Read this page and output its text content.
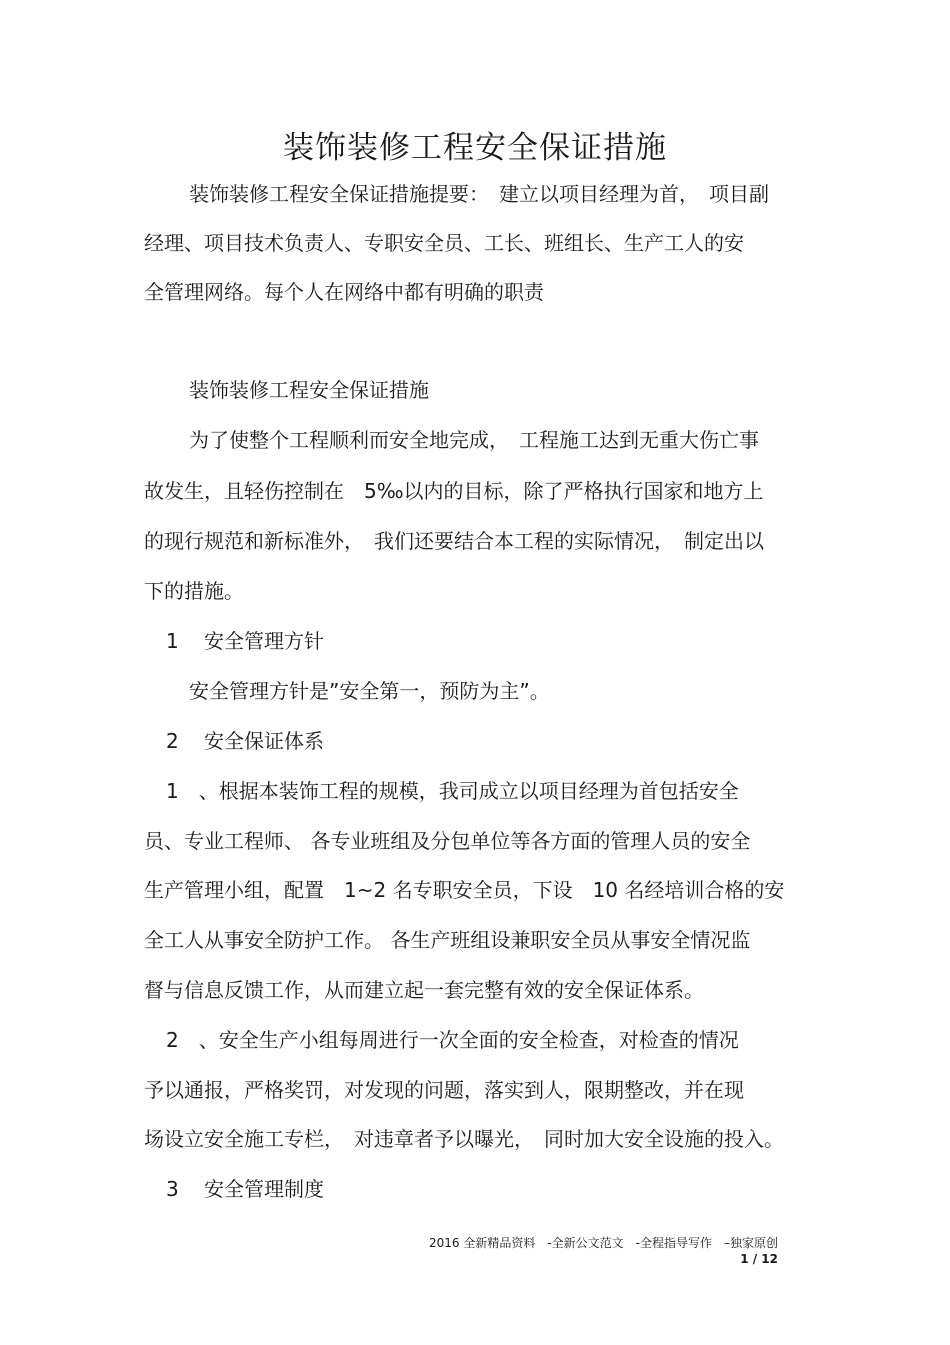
装饰装修工程安全保证措施
装饰装修工程安全保证措施提要：　建立以项目经理为首，　项目副
经理、项目技术负责人、专职安全员、工长、班组长、生产工人的安
全管理网络。每个人在网络中都有明确的职责
装饰装修工程安全保证措施
为了使整个工程顺利而安全地完成，　工程施工达到无重大伤亡事
故发生，且轻伤控制在　5‰以内的目标，除了严格执行国家和地方上
的现行规范和新标准外，　我们还要结合本工程的实际情况，　制定出以
下的措施。
1 安全管理方针
安全管理方针是”安全第一，预防为主”。
2 安全保证体系
1　、根据本装饰工程的规模，我司成立以项目经理为首包括安全
员、专业工程师、 各专业班组及分包单位等各方面的管理人员的安全
生产管理小组，配置　1~2 名专职安全员，下设　10 名经培训合格的安
全工人从事安全防护工作。 各生产班组设兼职安全员从事安全情况监
督与信息反馈工作，从而建立起一套完整有效的安全保证体系。
2　、安全生产小组每周进行一次全面的安全检查，对检查的情况
予以通报，严格奖罚，对发现的问题，落实到人，限期整改，并在现
场设立安全施工专栏，　对违章者予以曝光，　同时加大安全设施的投入。
3 安全管理制度
2016 全新精品资料　-全新公文范文　-全程指导写作　–独家原创
1 / 12
